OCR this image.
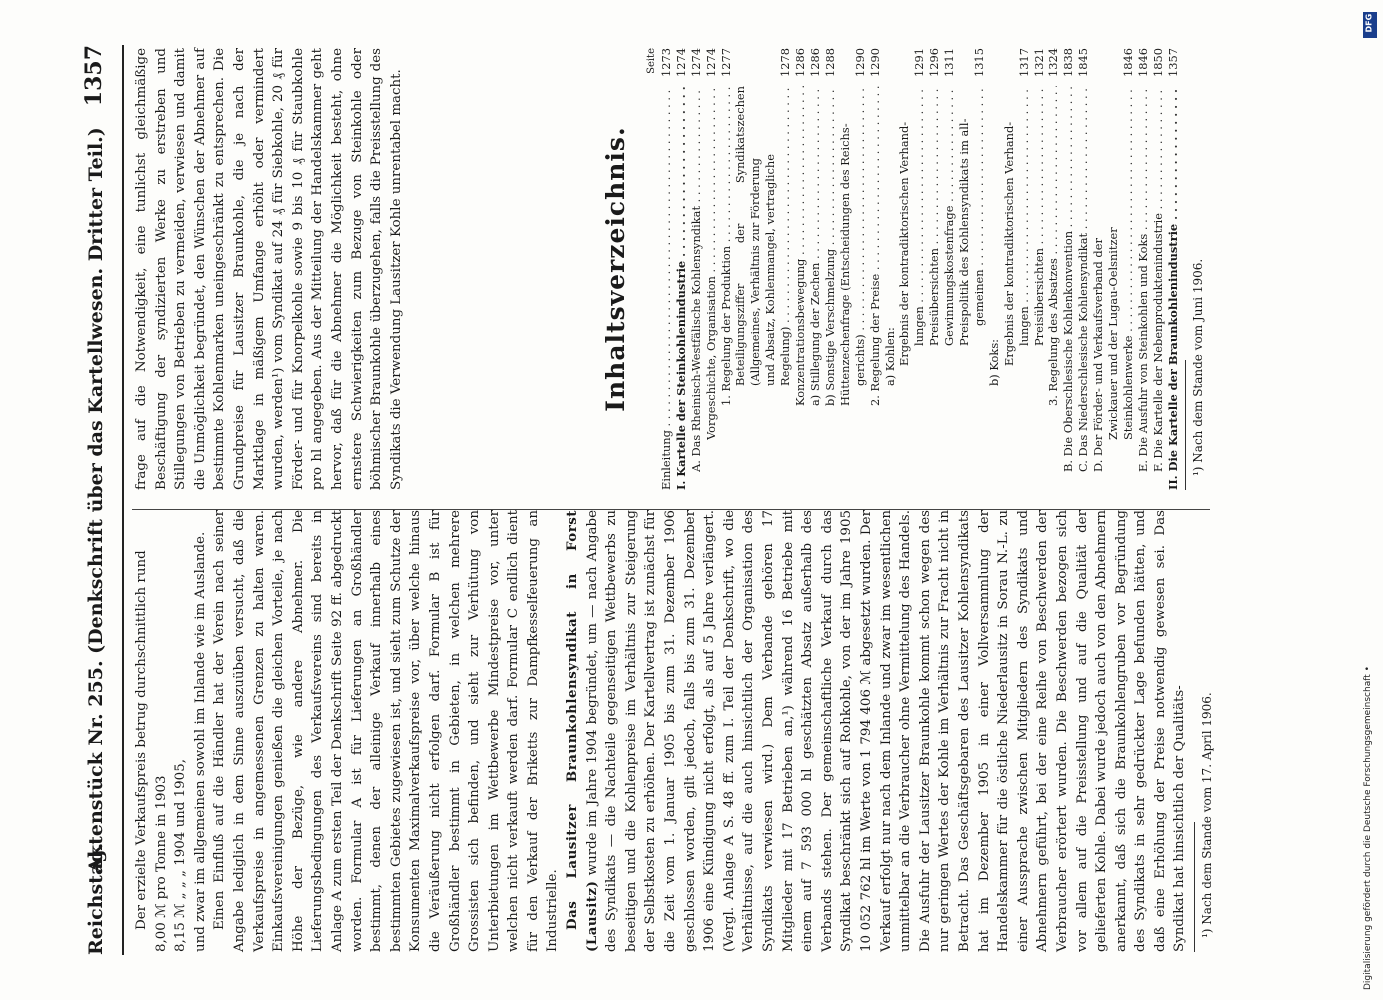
Reichstag.
Aktenstück Nr. 255. (Denkschrift über das Kartellwesen. Dritter Teil.)
1357

Der erzielte Verkaufspreis betrug durchschnittlich rund 8,00 ℳ pro Tonne in 1903 8,15 ℳ „ „ „ 1904 und 1905, und zwar im allgemeinen sowohl im Inlande wie im Auslande. Einen Einfluß auf die Händler hat der Verein nach seiner Angabe lediglich in dem Sinne auszuüben versucht, daß die Verkaufspreise in angemessenen Grenzen zu halten waren. Einkaufsvereinigungen genießen die gleichen Vorteile, je nach Höhe der Bezüge, wie andere Abnehmer. Die Lieferungsbedingungen des Verkaufsvereins sind bereits in Anlage A zum ersten Teil der Denkschrift Seite 92 ff. abgedruckt worden. Formular A ist für Lieferungen an Großhändler bestimmt, denen der alleinige Verkauf innerhalb eines bestimmten Gebietes zugewiesen ist, und sieht zum Schutze der Konsumenten Maximalverkaufspreise vor, über welche hinaus die Veräußerung nicht erfolgen darf. Formular B ist für Großhändler bestimmt in Gebieten, in welchen mehrere Grossisten sich befinden, und sieht zur Verhütung von Unterbietungen im Wettbewerbe Mindestpreise vor, unter welchen nicht verkauft werden darf. Formular C endlich dient für den Verkauf der Briketts zur Dampfkesselfeuerung an Industrielle. Das Lausitzer Braunkohlensyndikat in Forst (Lausitz) wurde im Jahre 1904 begründet, um — nach Angabe des Syndikats — die Nachteile gegenseitigen Wettbewerbs zu beseitigen und die Kohlenpreise im Verhältnis zur Steigerung der Selbstkosten zu erhöhen. Der Kartellvertrag ist zunächst für die Zeit vom 1. Januar 1905 bis zum 31. Dezember 1906 geschlossen worden, gilt jedoch, falls bis zum 31. Dezember 1906 eine Kündigung nicht erfolgt, als auf 5 Jahre verlängert. (Vergl. Anlage A S. 48 ff. zum I. Teil der Denkschrift, wo die Verhältnisse, auf die auch hinsichtlich der Organisation des Syndikats verwiesen wird.) Dem Verbande gehören 17 Mitglieder mit 17 Betrieben an,¹) während 16 Betriebe mit einem auf 7 593 000 hl geschätzten Absatz außerhalb des Verbands stehen. Der gemeinschaftliche Verkauf durch das Syndikat beschränkt sich auf Rohkohle, von der im Jahre 1905 10 052 762 hl im Werte von 1 794 406 ℳ abgesetzt wurden. Der Verkauf erfolgt nur nach dem Inlande und zwar im wesentlichen unmittelbar an die Verbraucher ohne Vermittelung des Handels. Die Ausfuhr der Lausitzer Braunkohle kommt schon wegen des nur geringen Wertes der Kohle im Verhältnis zur Fracht nicht in Betracht. Das Geschäftsgebaren des Lausitzer Kohlensyndikats hat im Dezember 1905 in einer Vollversammlung der Handelskammer für die östliche Niederlausitz in Sorau N.-L. zu einer Aussprache zwischen Mitgliedern des Syndikats und Abnehmern geführt, bei der eine Reihe von Beschwerden der Verbraucher erörtert wurden. Die Beschwerden bezogen sich vor allem auf die Preisstellung und auf die Qualität der gelieferten Kohle. Dabei wurde jedoch auch von den Abnehmern anerkannt, daß sich die Braunkohlengruben vor Begründung des Syndikats in sehr gedrückter Lage befunden hätten, und daß eine Erhöhung der Preise notwendig gewesen sei. Das Syndikat hat hinsichtlich der Qualitäts- ¹) Nach dem Stande vom 17. April 1906.

frage auf die Notwendigkeit, eine tunlichst gleichmäßige Beschäftigung der syndizierten Werke zu erstreben und Stillegungen von Betrieben zu vermeiden, verwiesen und damit die Unmöglichkeit begründet, den Wünschen der Abnehmer auf bestimmte Kohlenmarken uneingeschränkt zu entsprechen. Die Grundpreise für Lausitzer Braunkohle, die je nach der Marktlage in mäßigem Umfange erhöht oder vermindert wurden, werden¹) vom Syndikat auf 24 ₰ für Siebkohle, 20 ₰ für Förder- und für Knorpelkohle sowie 9 bis 10 ₰ für Staubkohle pro hl angegeben. Aus der Mitteilung der Handelskammer geht hervor, daß für die Abnehmer die Möglichkeit besteht, ohne ernstere Schwierigkeiten zum Bezuge von Steinkohle oder böhmischer Braunkohle überzugehen, falls die Preisstellung des Syndikats die Verwendung Lausitzer Kohle unrentabel macht.	Inhaltsverzeichnis.
Seite
Einleitung . . .
1273
I. Kartelle der Steinkohlenindustrie . . .
1274
A. Das Rheinisch-Westfälische Kohlensyndikat . . .
1274
Vorgeschichte, Organisation . . .
1274
1. Regelung der Produktion . . .
1277
Beteiligungsziffer der Syndikatszechen (Allgemeines, Verhältnis zur Förderung und Absatz, Kohlenmangel, vertragliche Regelung) . . .
1278
Konzentrationsbewegung . . .
1286
a) Stillegung der Zechen . . .
1286
b) Sonstige Verschmelzung . . .
1288
Hüttenzechenfrage (Entscheidungen des Reichs- gerichts) . . .
1290
2. Regelung der Preise . . .
1290
a) Kohlen: Ergebnis der kontradiktorischen Verhand- lungen . . .
1291
Preisübersichten . . .
1296
Gewinnungskostenfrage . . .
1311
Preispolitik des Kohlensyndikats im all- gemeinen . . .
1315
b) Koks: Ergebnis der kontradiktorischen Verhand- lungen . . .
1317
Preisübersichten . . .
1321
3. Regelung des Absatzes . . .
1324
B. Die Oberschlesische Kohlenkonvention . . .
1838
C. Das Niederschlesische Kohlensyndikat . . .
1845
D. Der Förder- und Verkaufsverband der Zwickauer und der Lugau-Oelsnitzer Steinkohlenwerke . . .
1846
E. Die Ausfuhr von Steinkohlen und Koks . . .
1846
F. Die Kartelle der Nebenproduktenindustrie . . .
1850
II. Die Kartelle der Braunkohlenindustrie . . .
1357

¹) Nach dem Stande vom Juni 1906.

Digitalisierung gefördert durch die Deutsche Forschungsgemeinschaft •
DFG
